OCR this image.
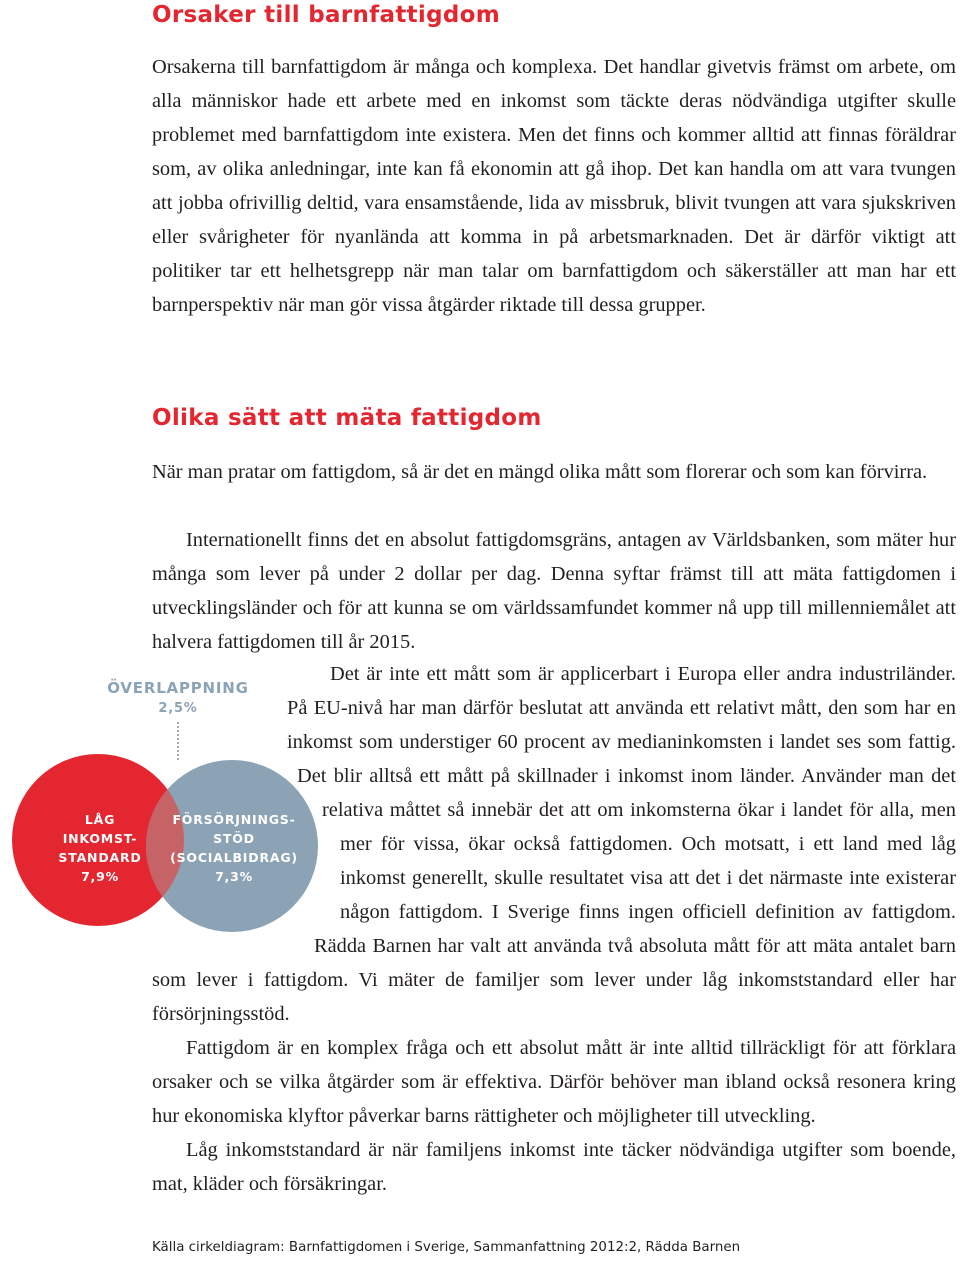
Orsaker till barnfattigdom

Orsakerna till barnfattigdom är många och komplexa. Det handlar givetvis främst om arbete, om alla människor hade ett arbete med en inkomst som täckte deras nödvändiga utgifter skulle problemet med barnfattigdom inte existera. Men det finns och kommer alltid att finnas föräldrar som, av olika anledningar, inte kan få ekonomin att gå ihop. Det kan handla om att vara tvungen att jobba ofrivillig deltid, vara ensamstående, lida av missbruk, blivit tvungen att vara sjukskriven eller svårigheter för nyanlända att komma in på arbetsmarknaden. Det är därför viktigt att politiker tar ett helhetsgrepp när man talar om barnfattigdom och säkerställer att man har ett barnperspektiv när man gör vissa åtgärder riktade till dessa grupper.

Olika sätt att mäta fattigdom

När man pratar om fattigdom, så är det en mängd olika mått som florerar och som kan förvirra.

Internationellt finns det en absolut fattigdomsgräns, antagen av Världsbanken, som mäter hur många som lever på under 2 dollar per dag. Denna syftar främst till att mäta fattigdomen i utvecklingsländer och för att kunna se om världssamfundet kommer nå upp till millenniemålet att halvera fattigdomen till år 2015.

Det är inte ett mått som är applicerbart i Europa eller andra industriländer. På EU-nivå har man därför beslutat att använda ett relativt mått, den som har en inkomst som understiger 60 procent av medianinkomsten i landet ses som fattig. Det blir alltså ett mått på skillnader i inkomst inom länder. Använder man det relativa måttet så innebär det att om inkomsterna ökar i landet för alla, men mer för vissa, ökar också fattigdomen. Och motsatt, i ett land med låg inkomst generellt, skulle resultatet visa att det i det närmaste inte existerar någon fattigdom. I Sverige finns ingen officiell definition av fattigdom. Rädda Barnen har valt att använda två absoluta mått för att mäta antalet barn som lever i fattigdom. Vi mäter de familjer som lever under låg inkomststandard eller har försörjningsstöd.

Fattigdom är en komplex fråga och ett absolut mått är inte alltid tillräckligt för att förklara orsaker och se vilka åtgärder som är effektiva. Därför behöver man ibland också resonera kring hur ekonomiska klyftor påverkar barns rättigheter och möjligheter till utveckling.

Låg inkomststandard är när familjens inkomst inte täcker nödvändiga utgifter som boende, mat, kläder och försäkringar.

ÖVERLAPPNING
2,5%
LÅG
INKOMST-
STANDARD
7,9%
FÖRSÖRJNINGS-
STÖD
(SOCIALBIDRAG)
7,3%

Källa cirkeldiagram: Barnfattigdomen i Sverige, Sammanfattning 2012:2, Rädda Barnen
